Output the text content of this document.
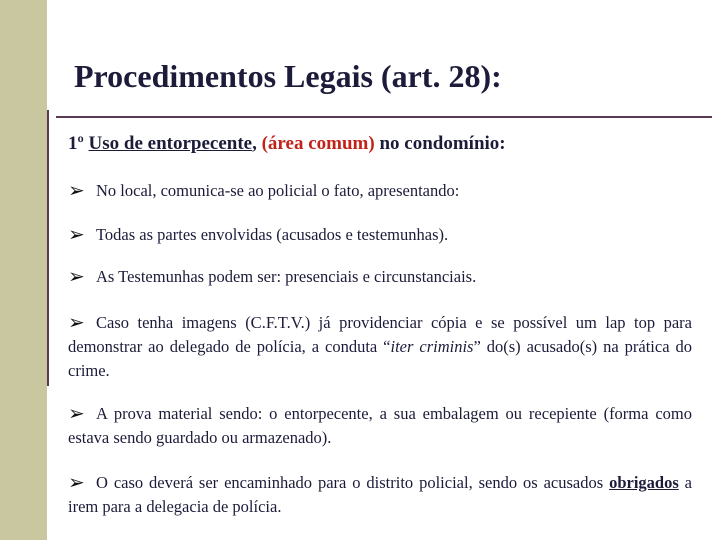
Procedimentos Legais (art. 28):
1º Uso de entorpecente, (área comum) no condomínio:
➢ No local, comunica-se ao policial o fato, apresentando:
➢ Todas as partes envolvidas (acusados e testemunhas).
➢ As Testemunhas podem ser: presenciais e circunstanciais.
➢ Caso tenha imagens (C.F.T.V.) já providenciar cópia e se possível um lap top para demonstrar ao delegado de polícia, a conduta “iter criminis” do(s) acusado(s) na prática do crime.
➢ A prova material sendo: o entorpecente, a sua embalagem ou recepiente (forma como estava sendo guardado ou armazenado).
➢ O caso deverá ser encaminhado para o distrito policial, sendo os acusados obrigados a irem para a delegacia de polícia.
